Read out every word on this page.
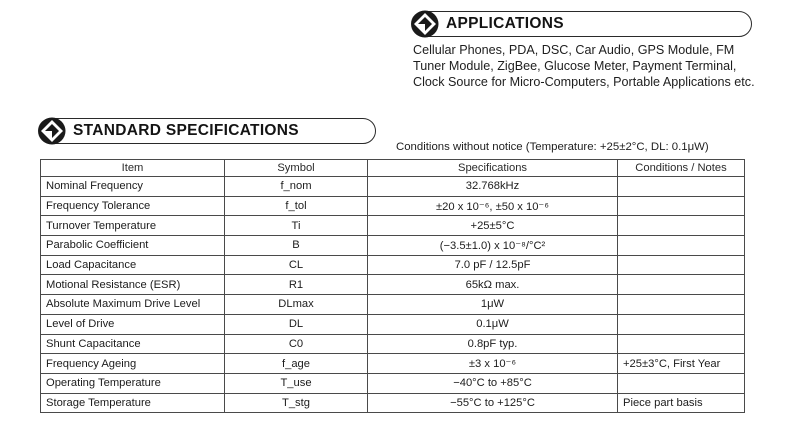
APPLICATIONS
Cellular Phones, PDA, DSC, Car Audio, GPS Module, FM Tuner Module, ZigBee, Glucose Meter, Payment Terminal, Clock Source for Micro-Computers, Portable Applications etc.
STANDARD SPECIFICATIONS
Conditions without notice (Temperature: +25±2°C, DL: 0.1μW)
Item	Symbol	Specifications	Conditions / Notes
Nominal Frequency	f_nom	32.768kHz	
Frequency Tolerance	f_tol	±20 x 10⁻⁶, ±50 x 10⁻⁶	
Turnover Temperature	Ti	+25±5°C	
Parabolic Coefficient	B	(−3.5±1.0) x 10⁻⁸/°C²	
Load Capacitance	CL	7.0 pF / 12.5pF	
Motional Resistance (ESR)	R1	65kΩ max.	
Absolute Maximum Drive Level	DLmax	1μW	
Level of Drive	DL	0.1μW	
Shunt Capacitance	C0	0.8pF typ.	
Frequency Ageing	f_age	±3 x 10⁻⁶	+25±3°C, First Year
Operating Temperature	T_use	−40°C to +85°C	
Storage Temperature	T_stg	−55°C to +125°C	Piece part basis
